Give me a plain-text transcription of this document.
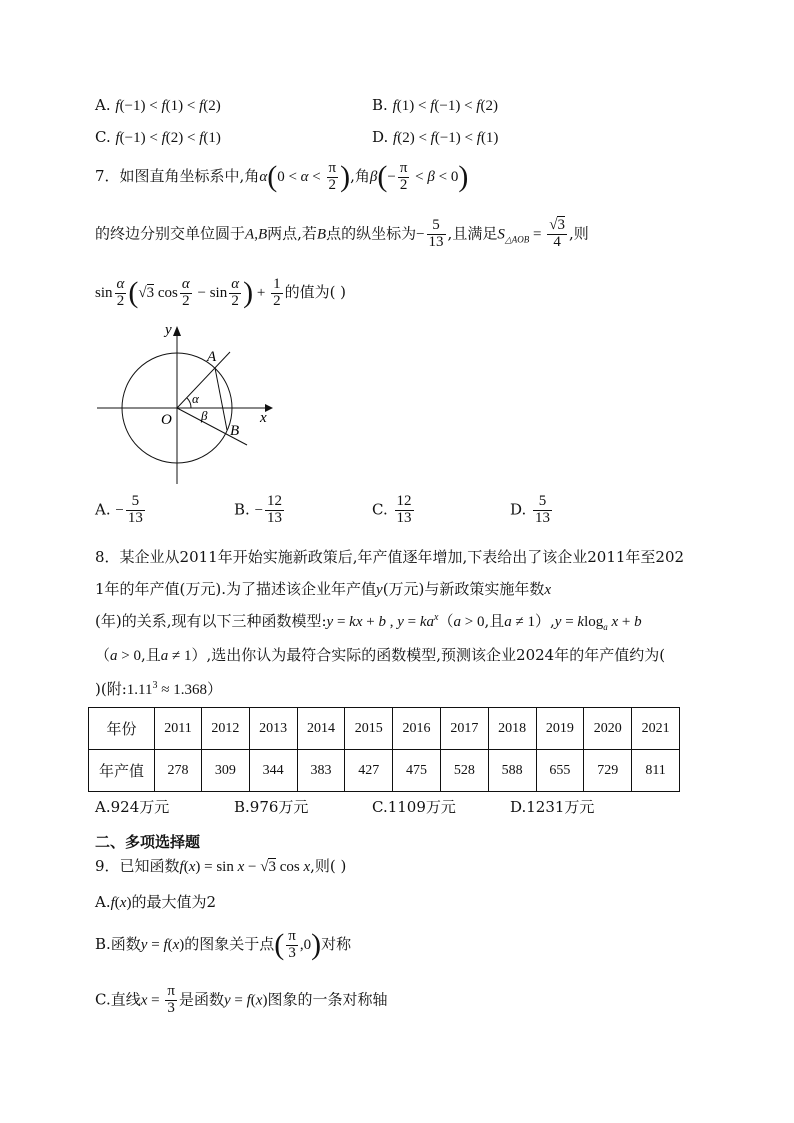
A. f(−1) < f(1) < f(2)	B. f(1) < f(−1) < f(2)
C. f(−1) < f(2) < f(1)	D. f(2) < f(−1) < f(1)
7．如图直角坐标系中,角$\alpha(0 < \alpha < \frac{\pi}{2}$ ),角$\beta(- \frac{\pi}{2} < \beta < 0)$
的终边分别交单位圆于A,B两点,若B点的纵坐标为− $\frac{5}{13}$ ,且满足$S_{\triangle AOB} = \frac{√3}{4}$ ,则
$\sin \frac{\alpha}{2} (√3$ $\cos \frac{\alpha}{2} - \sin \frac{\alpha}{2}$ ) + $\frac{1}{2}$ 的值为( )
x
y
O
A
B
α
β
A. − $\frac{5}{13}$	B. − $\frac{12}{13}$	C. $\frac{12}{13}$	D. $\frac{5}{13}$
8．某企业从2011年开始实施新政策后,年产值逐年增加,下表给出了该企业2011年至202
1年的年产值(万元).为了描述该企业年产值y(万元)与新政策实施年数x
(年)的关系,现有以下三种函数模型:y = kx + b , $y = ka^x(a > 0$,且a ≠ 1）,y = klog$_a$ x + b
（a > 0,且a ≠ 1）,选出你认为最符合实际的函数模型,预测该企业2024年的年产值约为(
)(附$:1.11^3 \approx 1.368$）
年份	2011	2012	2013	2014	2015	2016	2017	2018	2019	2020	2021
年产值	278	309	344	383	427	475	528	588	655	729	811
A.924万元	B.976万元	C.1109万元	D.1231万元
二、多项选择题
9．已知函数f(x) = sin x − √3 cos x,则( )
A.f(x)的最大值为2
B.函数y = f(x)的图象关于点( $\frac{\pi}{3} ,0$)对称
C.直线$x = \frac{\pi}{3}$ 是函数y = f(x)图象的一条对称轴
